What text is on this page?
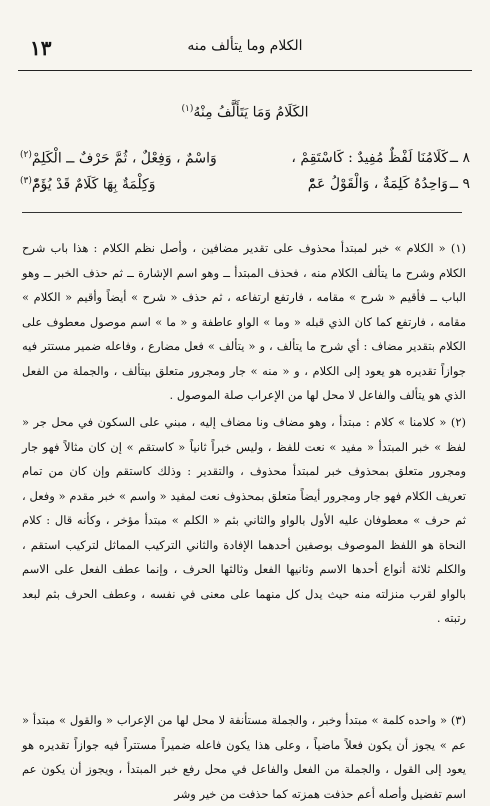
الكلام وما يتألف منه
١٣
الكَلَامُ وَمَا يَتَأَلَّفُ مِنْهُ$^{(١)}$
٨ ــ
كَلَامُنَا لَفْظٌ مُفِيدٌ : كَاسْتَقِمْ ،
وَاسْمٌ ، وَفِعْلٌ ، ثُمَّ حَرْفٌ ــ الْكَلِمْ$^{(٢)}$
٩ ــ
وَاحِدُهُ كَلِمَةٌ ، وَالْقَوْلُ عَمّْ
وَكِلْمَةٌ بِهَا كَلَامٌ قَدْ يُؤَمّْ$^{(٣)}$
(١) « الكلام » خبر لمبتدأ محذوف على تقدير مضافين ، وأصل نظم الكلام : هذا باب شرح الكلام وشرح ما يتألف الكلام منه ، فحذف المبتدأ ــ وهو اسم الإشارة ــ ثم حذف الخبر ــ وهو الباب ــ فأقيم « شرح » مقامه ، فارتفع ارتفاعه ، ثم حذف « شرح » أيضاً وأقيم « الكلام » مقامه ، فارتفع كما كان الذي قبله « وما » الواو عاطفة و « ما » اسم موصول معطوف على الكلام بتقدير مضاف : أي شرح ما يتألف ، و « يتألف » فعل مضارع ، وفاعله ضمير مستتر فيه جوازاً تقديره هو يعود إلى الكلام ، و « منه » جار ومجرور متعلق بيتألف ، والجملة من الفعل الذي هو يتألف والفاعل لا محل لها من الإعراب صلة الموصول .
(٢) « كلامنا » كلام : مبتدأ ، وهو مضاف ونا مضاف إليه ، مبني على السكون في محل جر « لفظ » خبر المبتدأ « مفيد » نعت للفظ ، وليس خبراً ثانياً « كاستقم » إن كان مثالاً فهو جار ومجرور متعلق بمحذوف خبر لمبتدأ محذوف ، والتقدير : وذلك كاستقم وإن كان من تمام تعريف الكلام فهو جار ومجرور أيضاً متعلق بمحذوف نعت لمفيد « واسم » خبر مقدم « وفعل ، ثم حرف » معطوفان عليه الأول بالواو والثاني بثم « الكلم » مبتدأ مؤخر ، وكأنه قال : كلام النحاة هو اللفظ الموصوف بوصفين أحدهما الإفادة والثاني التركيب المماثل لتركيب استقم ، والكلم ثلاثة أنواع أحدها الاسم وثانيها الفعل وثالثها الحرف ، وإنما عطف الفعل على الاسم بالواو لقرب منزلته منه حيث يدل كل منهما على معنى في نفسه ، وعطف الحرف بثم لبعد رتبته .
(٣) « واحده كلمة » مبتدأ وخبر ، والجملة مستأنفة لا محل لها من الإعراب « والقول » مبتدأ « عم » يجوز أن يكون فعلاً ماضياً ، وعلى هذا يكون فاعله ضميراً مستتراً فيه جوازاً تقديره هو يعود إلى القول ، والجملة من الفعل والفاعل في محل رفع خبر المبتدأ ، ويجوز أن يكون عم اسم تفضيل وأصله أعم حذفت همزته كما حذفت من خير وشر
